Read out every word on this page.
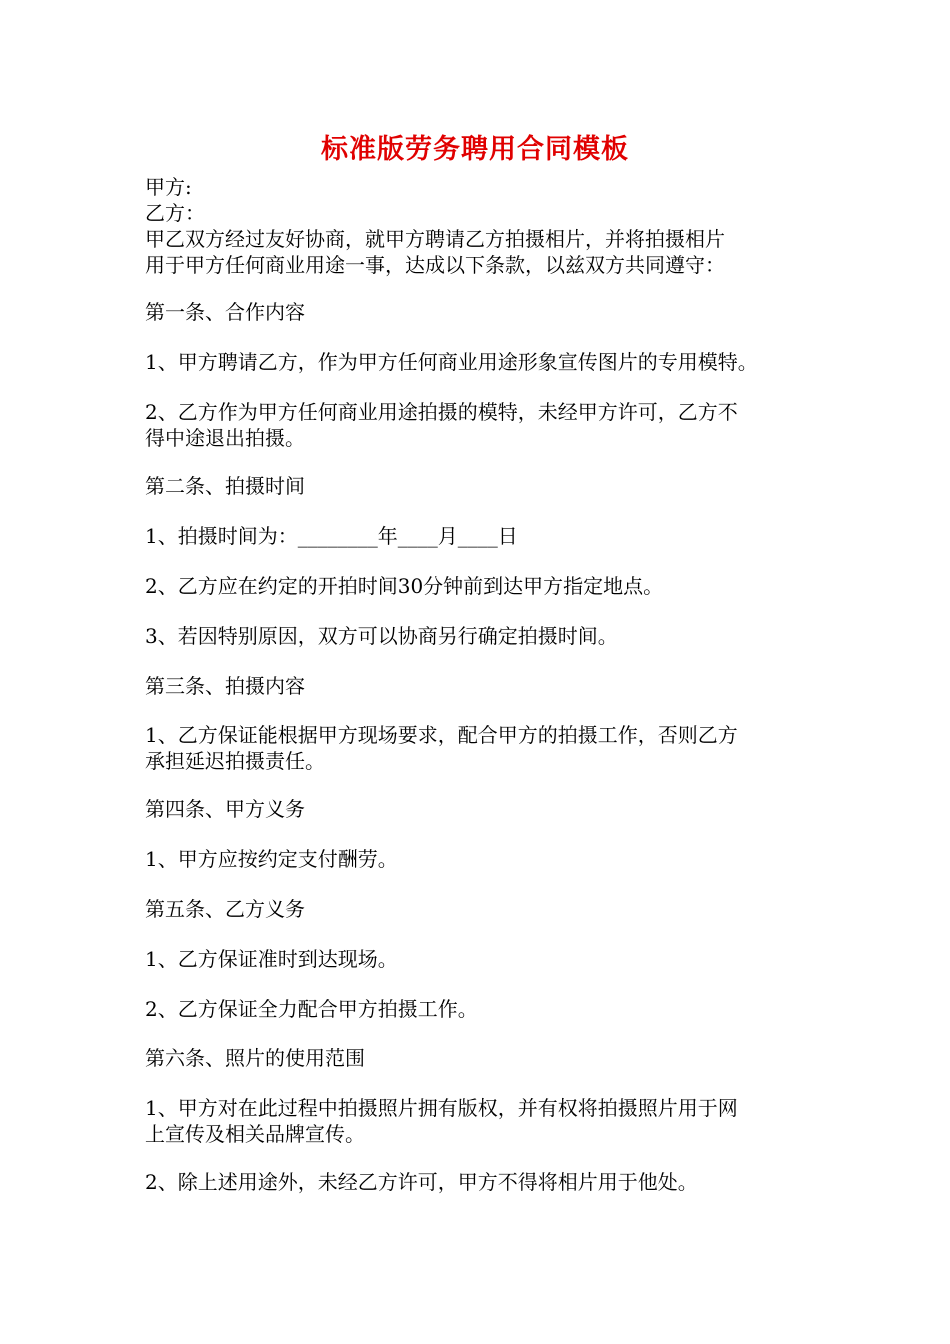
标准版劳务聘用合同模板
甲方:
乙方：
甲乙双方经过友好协商，就甲方聘请乙方拍摄相片，并将拍摄相片
用于甲方任何商业用途一事，达成以下条款，以兹双方共同遵守：
第一条、合作内容
1、甲方聘请乙方，作为甲方任何商业用途形象宣传图片的专用模特。
2、乙方作为甲方任何商业用途拍摄的模特，未经甲方许可，乙方不
得中途退出拍摄。
第二条、拍摄时间
1、拍摄时间为：________年____月____日
2、乙方应在约定的开拍时间30分钟前到达甲方指定地点。
3、若因特别原因，双方可以协商另行确定拍摄时间。
第三条、拍摄内容
1、乙方保证能根据甲方现场要求，配合甲方的拍摄工作，否则乙方
承担延迟拍摄责任。
第四条、甲方义务
1、甲方应按约定支付酬劳。
第五条、乙方义务
1、乙方保证准时到达现场。
2、乙方保证全力配合甲方拍摄工作。
第六条、照片的使用范围
1、甲方对在此过程中拍摄照片拥有版权，并有权将拍摄照片用于网
上宣传及相关品牌宣传。
2、除上述用途外，未经乙方许可，甲方不得将相片用于他处。
